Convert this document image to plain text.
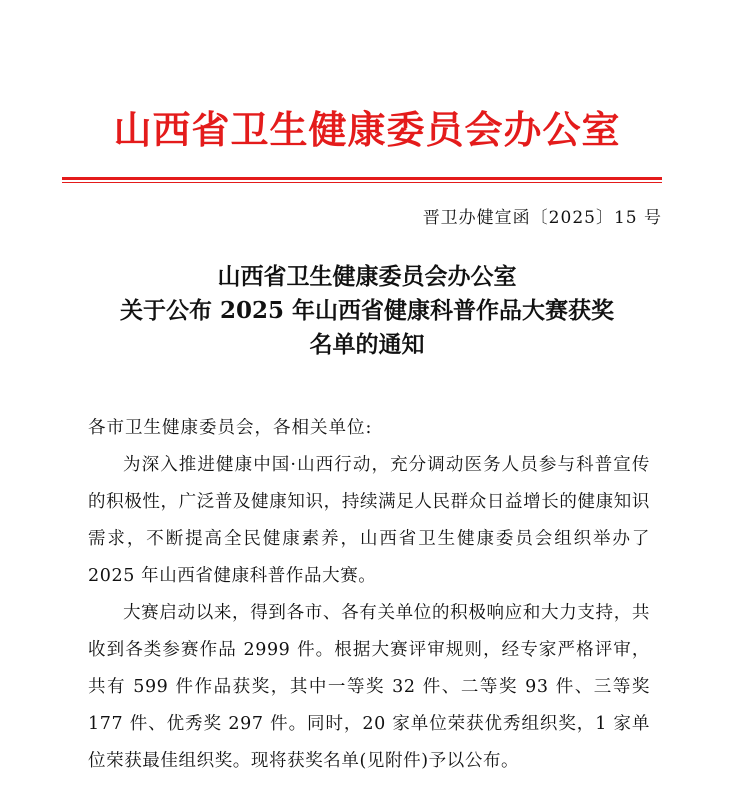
山西省卫生健康委员会办公室
晋卫办健宣函〔2025〕15 号
山西省卫生健康委员会办公室
关于公布 2025 年山西省健康科普作品大赛获奖
名单的通知

各市卫生健康委员会，各相关单位:

为深入推进健康中国·山西行动，充分调动医务人员参与科普宣传的积极性，广泛普及健康知识，持续满足人民群众日益增长的健康知识需求，不断提高全民健康素养，山西省卫生健康委员会组织举办了 2025 年山西省健康科普作品大赛。

大赛启动以来，得到各市、各有关单位的积极响应和大力支持，共收到各类参赛作品 2999 件。根据大赛评审规则，经专家严格评审，共有 599 件作品获奖，其中一等奖 32 件、二等奖 93 件、三等奖 177 件、优秀奖 297 件。同时，20 家单位荣获优秀组织奖，1 家单位荣获最佳组织奖。现将获奖名单(见附件)予以公布。
